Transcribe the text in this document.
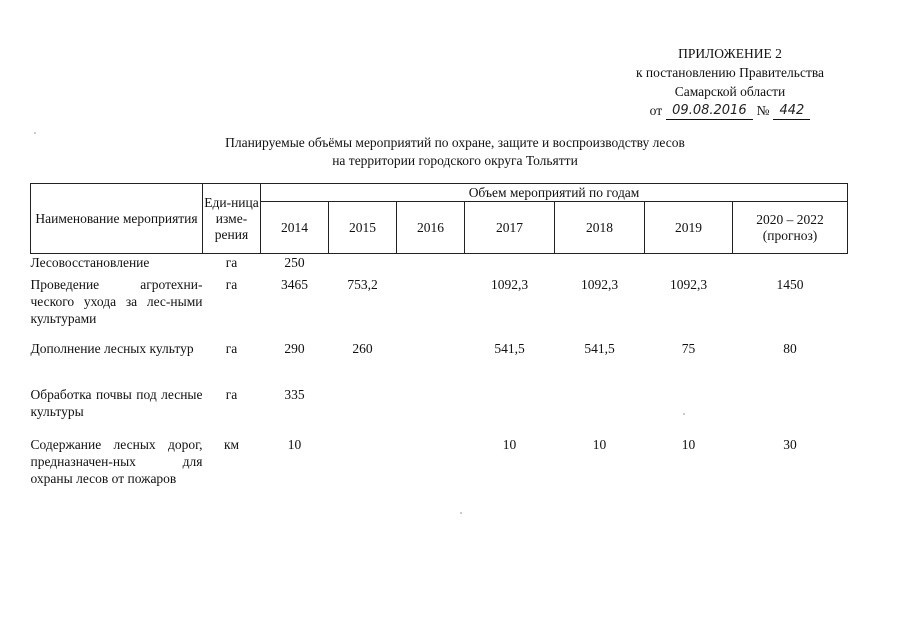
ПРИЛОЖЕНИЕ 2
к постановлению Правительства
Самарской области
от 09.08.2016 № 442
Планируемые объёмы мероприятий по охране, защите и воспроизводству лесов
на территории городского округа Тольятти
Наименование мероприятия	Еди-ница изме-рения	Объем мероприятий по годам						
		2014	2015	2016	2017	2018	2019	2020 – 2022 (прогноз)
Лесовосстановление	га	250						
Проведение агротехни-ческого ухода за лес-ными культурами	га	3465	753,2		1092,3	1092,3	1092,3	1450
Дополнение лесных культур	га	290	260		541,5	541,5	75	80
Обработка почвы под лесные культуры	га	335						
Содержание лесных дорог, предназначен-ных для охраны лесов от пожаров	км	10			10	10	10	30
